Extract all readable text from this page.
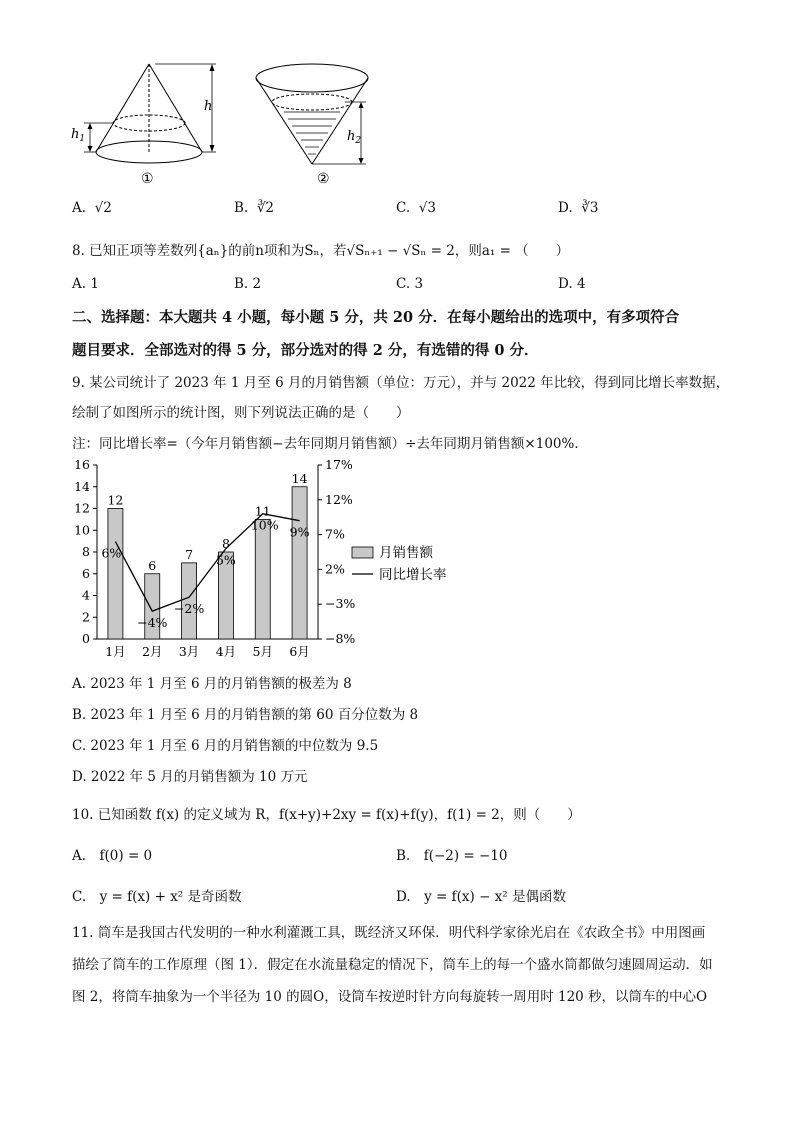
h
$h_1$
①
$h_2$
②
A. √2	B. ∛2	C. √3	D. ∛3
8. 已知正项等差数列{aₙ}的前n项和为Sₙ，若√Sₙ₊₁ − √Sₙ = 2，则a₁ = （　　）
A. 1	B. 2	C. 3	D. 4
二、选择题：本大题共 4 小题，每小题 5 分，共 20 分．在每小题给出的选项中，有多项符合
题目要求．全部选对的得 5 分，部分选对的得 2 分，有选错的得 0 分．
9. 某公司统计了 2023 年 1 月至 6 月的月销售额（单位：万元），并与 2022 年比较，得到同比增长率数据，
绘制了如图所示的统计图，则下列说法正确的是（　　）
注：同比增长率=（今年月销售额−去年同期月销售额）÷去年同期月销售额×100%．
0
2
4
6
8
10
12
14
16
−8%
−3%
2%
7%
12%
17%
1月 2月 3月 4月 5月 6月
12
6
7
8
11
14
6%
−4%
−2%
5%
10% 9%
月销售额
同比增长率
A. 2023 年 1 月至 6 月的月销售额的极差为 8
B. 2023 年 1 月至 6 月的月销售额的第 60 百分位数为 8
C. 2023 年 1 月至 6 月的月销售额的中位数为 9.5
D. 2022 年 5 月的月销售额为 10 万元
10. 已知函数 f(x) 的定义域为 R，f(x+y)+2xy = f(x)+f(y)，f(1) = 2，则（　　）
A.　f(0) = 0	B.　f(−2) = −10
C.　y = f(x) + x² 是奇函数	D.　y = f(x) − x² 是偶函数
11. 筒车是我国古代发明的一种水利灌溉工具，既经济又环保．明代科学家徐光启在《农政全书》中用图画
描绘了筒车的工作原理（图 1）．假定在水流量稳定的情况下，筒车上的每一个盛水筒都做匀速圆周运动．如
图 2，将筒车抽象为一个半径为 10 的圆O，设筒车按逆时针方向每旋转一周用时 120 秒，以筒车的中心O
